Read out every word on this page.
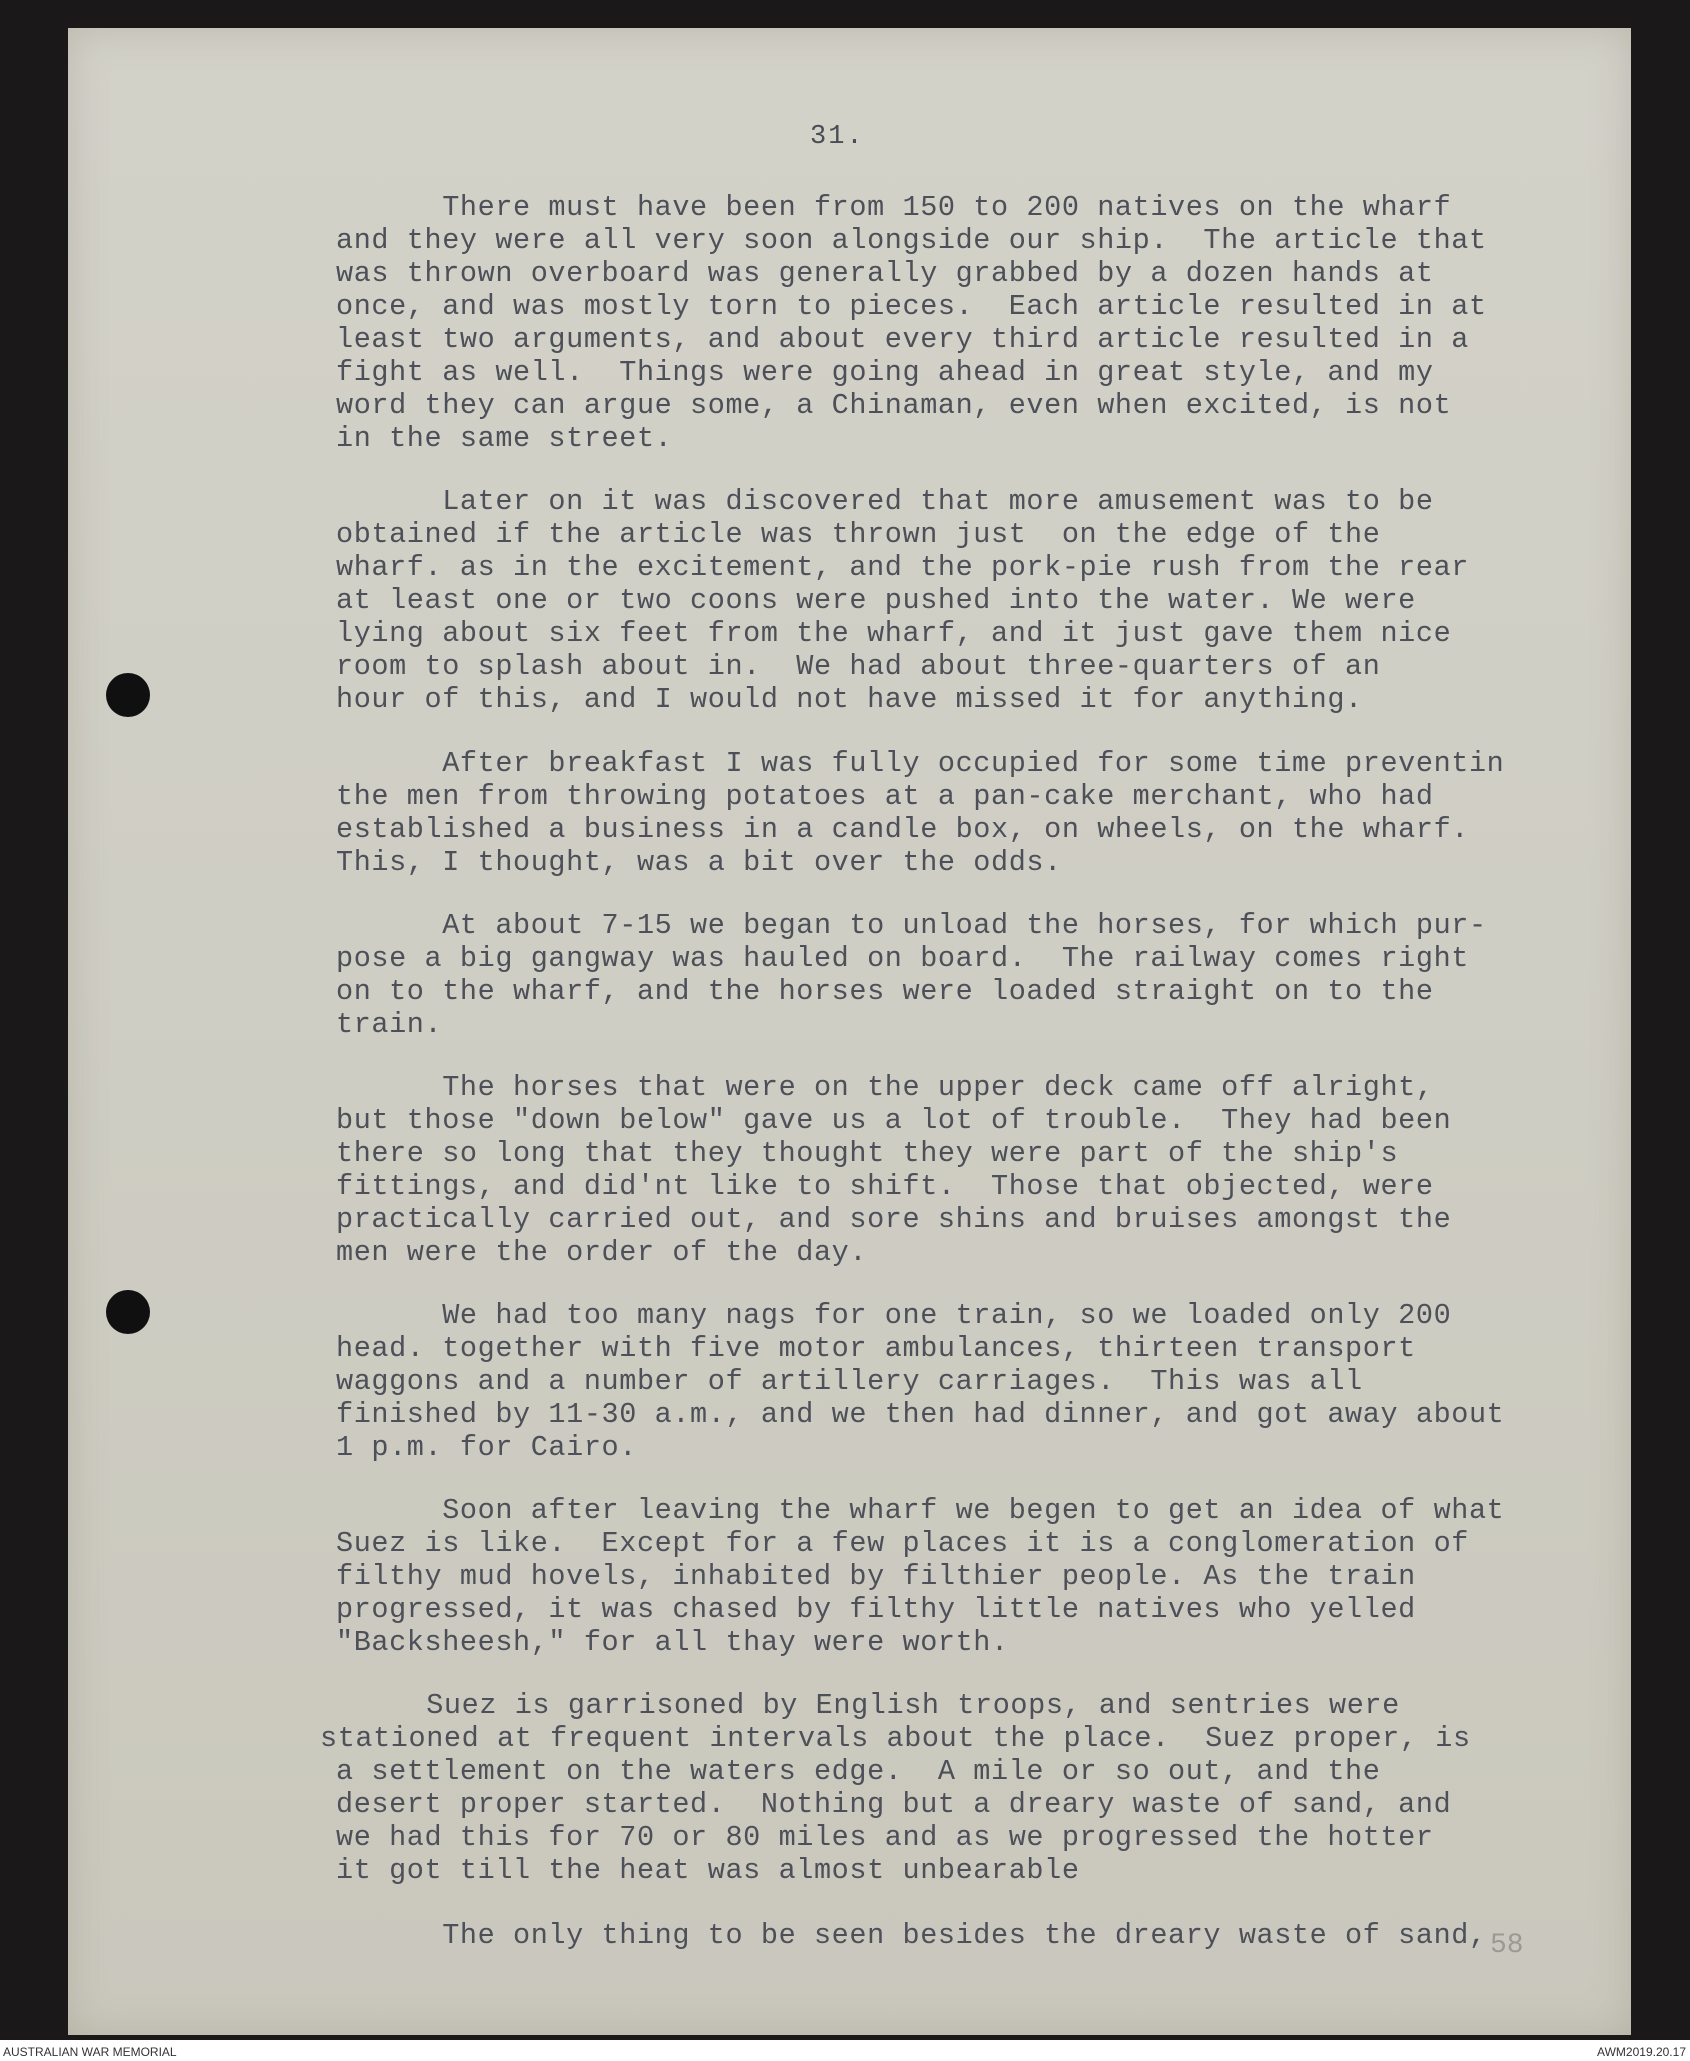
31.
There must have been from 150 to 200 natives on the wharf
and they were all very soon alongside our ship.  The article that
was thrown overboard was generally grabbed by a dozen hands at
once, and was mostly torn to pieces.  Each article resulted in at
least two arguments, and about every third article resulted in a
fight as well.  Things were going ahead in great style, and my
word they can argue some, a Chinaman, even when excited, is not
in the same street.
Later on it was discovered that more amusement was to be
obtained if the article was thrown just  on the edge of the
wharf. as in the excitement, and the pork-pie rush from the rear
at least one or two coons were pushed into the water. We were
lying about six feet from the wharf, and it just gave them nice
room to splash about in.  We had about three-quarters of an
hour of this, and I would not have missed it for anything.
After breakfast I was fully occupied for some time preventin
the men from throwing potatoes at a pan-cake merchant, who had
established a business in a candle box, on wheels, on the wharf.
This, I thought, was a bit over the odds.
At about 7-15 we began to unload the horses, for which pur-
pose a big gangway was hauled on board.  The railway comes right
on to the wharf, and the horses were loaded straight on to the
train.
The horses that were on the upper deck came off alright,
but those "down below" gave us a lot of trouble.  They had been
there so long that they thought they were part of the ship's
fittings, and did'nt like to shift.  Those that objected, were
practically carried out, and sore shins and bruises amongst the
men were the order of the day.
We had too many nags for one train, so we loaded only 200
head. together with five motor ambulances, thirteen transport
waggons and a number of artillery carriages.  This was all
finished by 11-30 a.m., and we then had dinner, and got away about
1 p.m. for Cairo.
Soon after leaving the wharf we begen to get an idea of what
Suez is like.  Except for a few places it is a conglomeration of
filthy mud hovels, inhabited by filthier people. As the train
progressed, it was chased by filthy little natives who yelled
"Backsheesh," for all thay were worth.
Suez is garrisoned by English troops, and sentries were
stationed at frequent intervals about the place.  Suez proper, is
a settlement on the waters edge.  A mile or so out, and the
desert proper started.  Nothing but a dreary waste of sand, and
we had this for 70 or 80 miles and as we progressed the hotter
it got till the heat was almost unbearable
The only thing to be seen besides the dreary waste of sand, 58
AUSTRALIAN WAR MEMORIAL	AWM2019.20.17
